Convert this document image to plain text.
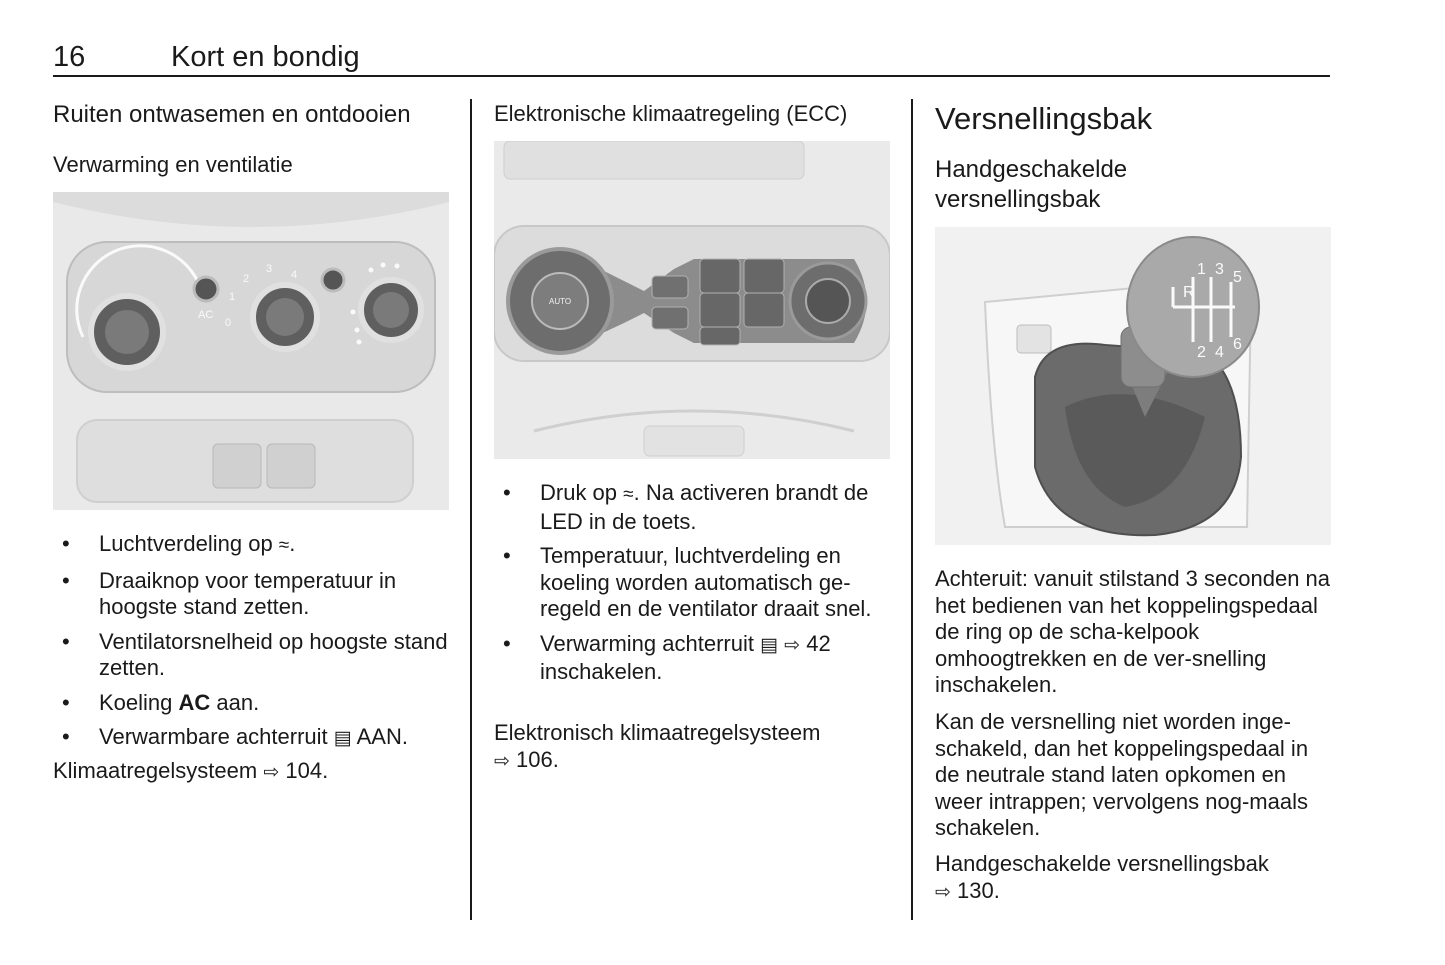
16	Kort en bondig
Ruiten ontwasemen en ontdooien
Verwarming en ventilatie
AC
0
1
2
3 4
• Luchtverdeling op ≈.
• Draaiknop voor temperatuur in hoogste stand zetten.
• Ventilatorsnelheid op hoogste stand zetten.
• Koeling AC aan.
• Verwarmbare achterruit ▤ AAN.
Klimaatregelsysteem ⇨ 104.
Elektronische klimaatregeling (ECC)
AUTO
• Druk op ≈. Na activeren brandt de LED in de toets.
• Temperatuur, luchtverdeling en koeling worden automatisch ge-regeld en de ventilator draait snel.
• Verwarming achterruit ▤ ⇨ 42 inschakelen.
Elektronisch klimaatregelsysteem
⇨ 106.
Versnellingsbak
Handgeschakelde
versnellingsbak
R
1 3 5
2 4 6
Achteruit: vanuit stilstand 3 seconden na het bedienen van het koppelingspedaal de ring op de scha-kelpook omhoogtrekken en de ver-snelling inschakelen.
Kan de versnelling niet worden inge-schakeld, dan het koppelingspedaal in de neutrale stand laten opkomen en weer intrappen; vervolgens nog-maals schakelen.
Handgeschakelde versnellingsbak
⇨ 130.
